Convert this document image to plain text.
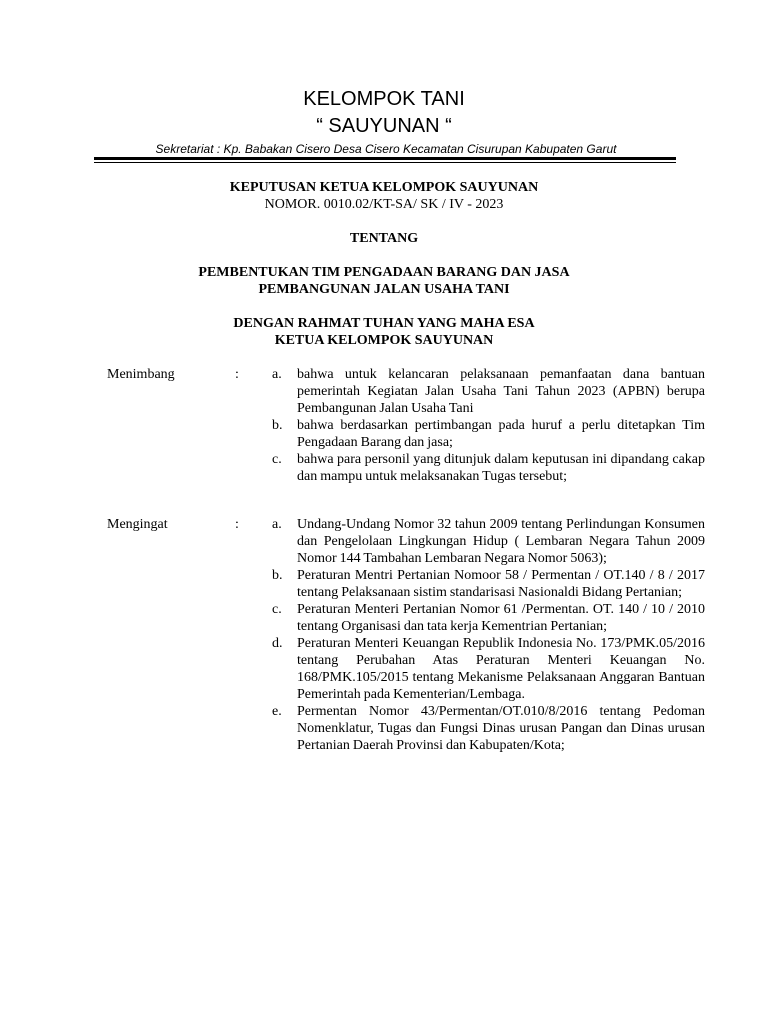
KELOMPOK TANI
“ SAUYUNAN “
Sekretariat : Kp. Babakan Cisero Desa Cisero Kecamatan Cisurupan Kabupaten Garut
KEPUTUSAN KETUA KELOMPOK SAUYUNAN
NOMOR. 0010.02/KT-SA/ SK / IV - 2023
TENTANG
PEMBENTUKAN TIM PENGADAAN BARANG DAN JASA
PEMBANGUNAN JALAN USAHA TANI
DENGAN RAHMAT TUHAN YANG MAHA ESA
KETUA KELOMPOK SAUYUNAN
Menimbang	: a. bahwa untuk kelancaran pelaksanaan pemanfaatan dana bantuan pemerintah Kegiatan Jalan Usaha Tani Tahun 2023 (APBN) berupa Pembangunan Jalan Usaha Tani
b. bahwa berdasarkan pertimbangan pada huruf a perlu ditetapkan Tim Pengadaan Barang dan jasa;
c. bahwa para personil yang ditunjuk dalam keputusan ini dipandang cakap dan mampu untuk melaksanakan Tugas tersebut;
Mengingat	: a. Undang-Undang Nomor 32 tahun 2009 tentang Perlindungan Konsumen dan Pengelolaan Lingkungan Hidup ( Lembaran Negara Tahun 2009 Nomor 144 Tambahan Lembaran Negara Nomor 5063);
b. Peraturan Mentri Pertanian Nomoor 58 / Permentan / OT.140 / 8 / 2017 tentang Pelaksanaan sistim standarisasi Nasionaldi Bidang Pertanian;
c. Peraturan Menteri Pertanian Nomor 61 /Permentan. OT. 140 / 10 / 2010 tentang Organisasi dan tata kerja Kementrian Pertanian;
d. Peraturan Menteri Keuangan Republik Indonesia No. 173/PMK.05/2016 tentang Perubahan Atas Peraturan Menteri Keuangan No. 168/PMK.105/2015 tentang Mekanisme Pelaksanaan Anggaran Bantuan Pemerintah pada Kementerian/Lembaga.
e. Permentan Nomor 43/Permentan/OT.010/8/2016 tentang Pedoman Nomenklatur, Tugas dan Fungsi Dinas urusan Pangan dan Dinas urusan Pertanian Daerah Provinsi dan Kabupaten/Kota;
